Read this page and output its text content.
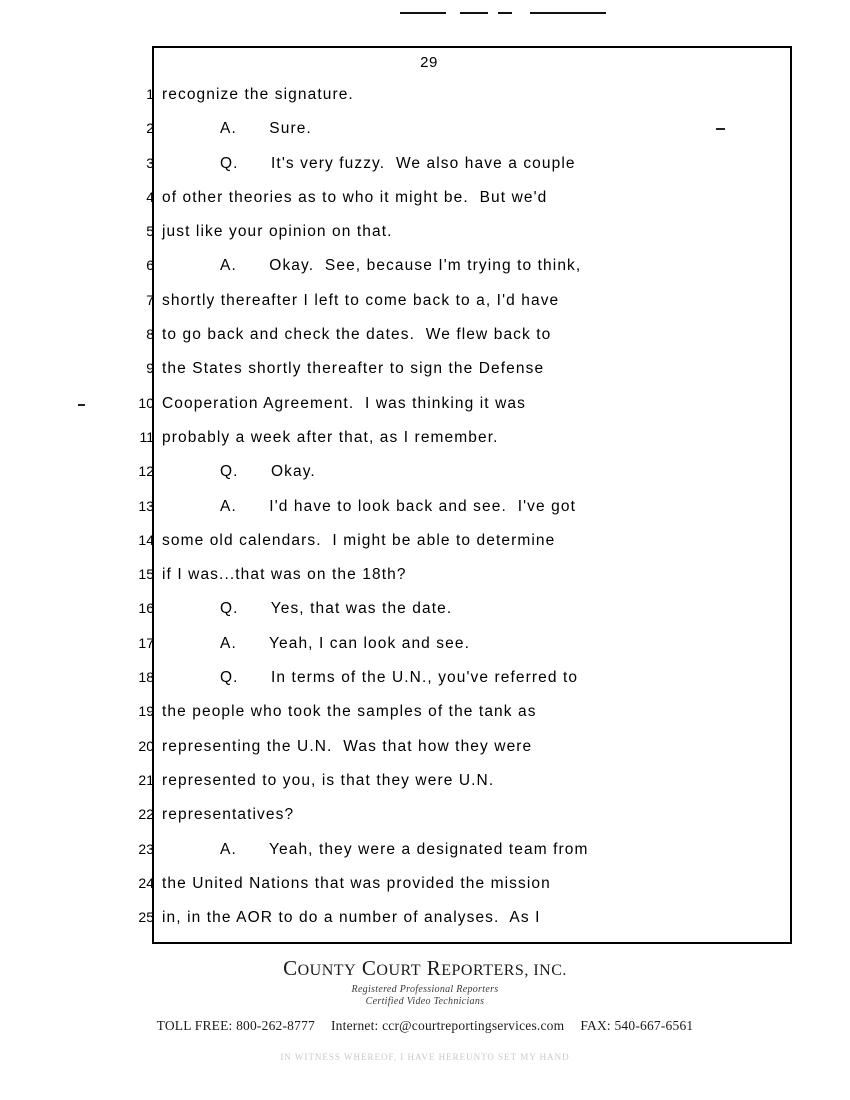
29
1 recognize the signature.
2	A.      Sure.
3	Q.      It's very fuzzy.  We also have a couple
4 of other theories as to who it might be.  But we'd
5 just like your opinion on that.
6	A.      Okay.  See, because I'm trying to think,
7 shortly thereafter I left to come back to a, I'd have
8 to go back and check the dates.  We flew back to
9 the States shortly thereafter to sign the Defense
10 Cooperation Agreement.  I was thinking it was
11 probably a week after that, as I remember.
12	Q.      Okay.
13	A.      I'd have to look back and see.  I've got
14 some old calendars.  I might be able to determine
15 if I was...that was on the 18th?
16	Q.      Yes, that was the date.
17	A.      Yeah, I can look and see.
18	Q.      In terms of the U.N., you've referred to
19 the people who took the samples of the tank as
20 representing the U.N.  Was that how they were
21 represented to you, is that they were U.N.
22 representatives?
23	A.      Yeah, they were a designated team from
24 the United Nations that was provided the mission
25 in, in the AOR to do a number of analyses.  As I
COUNTY COURT REPORTERS, INC.
Registered Professional Reporters
Certified Video Technicians
TOLL FREE: 800-262-8777 Internet: ccr@courtreportingservices.com FAX: 540-667-6561
IN WITNESS WHEREOF, I HAVE HEREUNTO SET MY HAND
